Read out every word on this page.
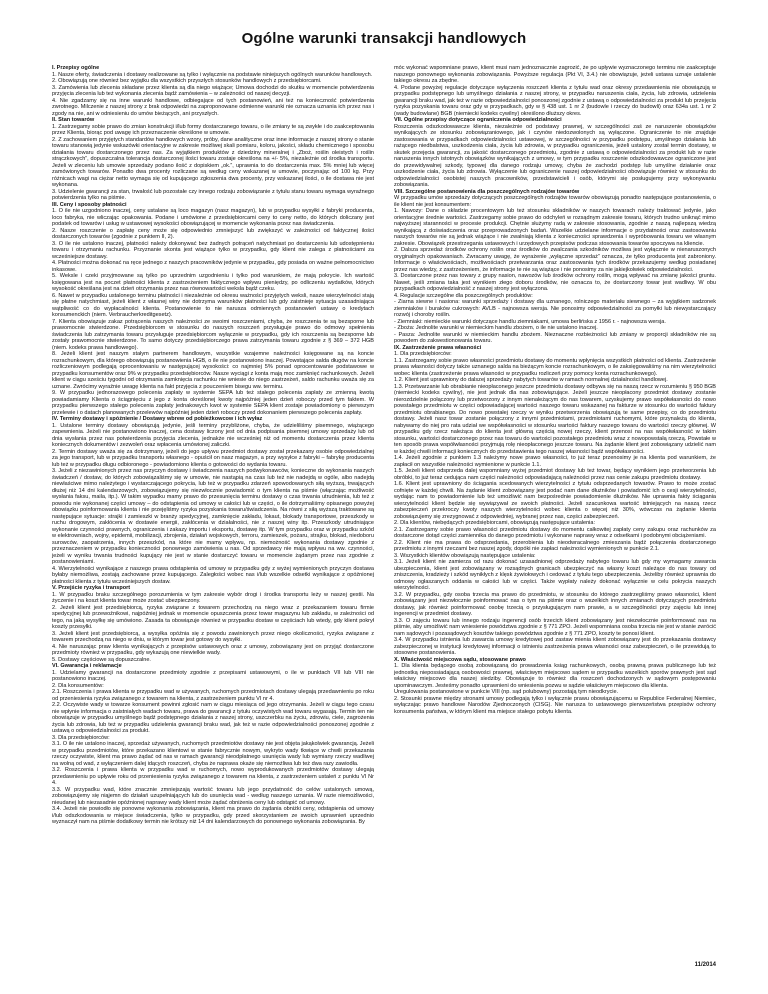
Ogólne warunki transakcji handlowych

I. Przepisy ogólne

1. Nasze oferty, świadczenia i dostawy realizowane są tylko i wyłącznie na podstawie niniejszych ogólnych warunków handlowych.

2. Obowiązują one również bez wyjątku dla wszystkich przyszłych stosunków handlowych z przedsiębiorcami.

3. Zamówienia lub zlecenia składane przez klienta są dla niego wiążące; Umowa dochodzi do skutku w momencie potwierdzenia przyjęcia zlecenia lub też wykonania zlecenia bądź zamówienia – w zależności od naszej decyzji.

4. Nie zgadzamy się na inne warunki handlowe, odbiegające od tych postanowień, ani też na konieczność potwierdzenia zwrotnego. Milczenie z naszej strony z brak odpowiedzi na zaproponowane odmienne warunki nie oznacza uznania ich przez nas i zgody na nie, ani w odniesieniu do umów bieżących, ani przyszłych.

II. Stan towarów

1. Zastrzegamy sobie prawo do zmian konstrukcji i/lub formy dostarczanego towaru, o ile zmiany te są zwykłe i do zaakceptowania przez Klienta, biorąc pod uwagę ich przeznaczenie określone w umowie.

2. Z zachowaniem przyjętych standardów handlowych wzory, próby, dane analityczne oraz inne informacje z naszej strony o stanie towaru stanowią jedynie wskazówki orientacyjne w zakresie możliwej skali pomiaru, koloru, jakości, składu chemicznego i sposobu działania towaru dostarczonego przez nas. Za wyjątkiem produktów z dziedziny mineralnej i „Zboż, roślin oleistych i roślin strączkowych”, dopuszczalna tolerancja dostarczonej ilości towaru zostaje określona na +/- 5%, niezależnie od środka transportu. Jeżeli w zleceniu lub umowie sprzedaży podano ilość z dopiskiem „ok.”, uprawnia to do dostarczenia max. 5% mniej lub więcej zamówionych towarów. Ponadto dwa procenty rozliczane są według ceny wskazanej w umowie, poczynając od 100 kg. Przy różnicach wagi na ciężar netto wymaga się od kupującego zgłoszenia dwa procenty, przy wskazanej ilości, o ile dostawa nie jest wykonana.

3. Udzielenie gwarancji za stan, trwałość lub pozostałe czy innego rodzaju zobowiązanie z tytułu stanu towaru wymaga wyraźnego potwierdzenia tylko na piśmie.

III. Ceny i sposoby płatności

1. O ile nie uzgodniono inaczej, ceny ustalane są loco magazyn (nasz magazyn), lub w przypadku wysyłki z fabryki producenta, loco fabryka, nie wliczając opakowania. Podane i umówione z przedsiębiorcami ceny to ceny netto, do których doliczany jest podatek od towarów i usług w ustawowej wysokości obowiązującej w momencie wykonania przez nas świadczenia.

2. Nasze roszczenie o zapłatę ceny może się odpowiednio zmniejszyć lub zwiększyć w zależności od faktycznej ilości dostarczonych towarów (zgodnie z punktem II, 2).

3. O ile nie ustalono inaczej, płatności należy dokonywać bez żadnych potrąceń natychmiast po dostarczeniu lub udostępnieniu towaru i otrzymaniu rachunku. Przyznanie skonta jest wiążące tylko w przypadku, gdy klient nie zalega z płatnościami za wcześniejsze dostawy.

4. Płatności można dokonać na ręce jednego z naszych pracowników jedynie w przypadku, gdy posiada on ważne pełnomocnictwo inkasowe.

5. Weksle i czeki przyjmowane są tylko po uprzednim uzgodnieniu i tylko pod warunkiem, że mają pokrycie. Ich wartość księgowana jest na poczet płatności klienta z zastrzeżeniem faktycznego wpływu pieniędzy, po odliczeniu wydatków, których wysokość określana jest na dzień otrzymania przez nas równowartości weksla bądź czeku.

6. Nawet w przypadku ustalonego terminu płatności i niezależnie od okresu ważności przyjętych weksli, nasze wierzytelności stają się płatne natychmiast, jeżeli klient z własnej winy nie dotrzyma warunków płatności lub gdy zaistnieje sytuacja uzasadniająca wątpliwość co do wypłacalności klienta. Postanowienie to nie narusza odmiennych postanowień ustawy o kredytach konsumenckich (niem. Verbraucherkreditgesetz).

7. Klienta obowiązuje zakaz potrącenia naszych należności ze swoimi roszczeniami, chyba, że roszczenia te są bezsporne lub prawomocnie stwierdzone. Przedsiębiorcom w stosunku do naszych roszczeń przysługuje prawo do odmowy spełnienia świadczenia lub zatrzymania towaru przysługuje przedsiębiorcom wyłącznie w przypadku, gdy ich roszczenia są bezsporne lub zostały prawomocnie stwierdzone. To samo dotyczy przedsiębiorczego prawa zatrzymania towaru zgodnie z § 369 – 372 HGB (niem. kodeks prawa handlowego).

8. Jeżeli klient jest naszym stałym partnerem handlowym, wszystkie wzajemne należności księgowane są na koncie rozrachunkowym, dla którego obowiązują postanowienia HGB, o ile nie postanowiono inaczej. Powstające salda długów na koncie rozliczeniowym podlegają oprocentowaniu w następującej wysokości: co najmniej 5% ponad oprocentowanie podstawowe w przypadku konsumentów oraz 9% w przypadku przedsiębiorców. Nasze wyciągi z konta mają moc zamknięć rachunkowych. Jeżeli klient w ciągu sześciu tygodni od otrzymania zamknięcia rachunku nie wniesie do niego zastrzeżeń, saldo rachunku uważa się za uznane. Zwrócimy wyraźnie uwagę klienta na fakt przyjęcia z pouczeniem bisegu ww. terminu.

9. W przypadku jednorazowego polecenia zapłaty w systemie SEPA lub też stałego polecenia zapłaty ze zmienną kwotą powiadamiamy Klienta o ściągnięciu z jego z konta określonej kwoty najpóźniej jeden dzień roboczy przed tym faktem. W przypadku pierwszego stałego polecenia zapłaty jednakowych kwot w systemie SEPA klient zostaje powiadomiony o pierwszym przelewie i o datach planowanych przelewów najpóźniej jeden dzień roboczy przed dokonaniem pierwszego polecenia zapłaty.

IV. Terminy dostawy i spóźnienie / Dostawy wbrew od pobieżkowcow i ich wyłaz

1. Ustalone terminy dostawy obowiązują jedynie, jeśli terminy przybliżone, chyba, że udzieliliśmy pisemnego, wiążącego zapewnienia. Jeżeli nie postanowiono inaczej, cena dostawy liczony jest od dnia podpisania pisemnej umowy sprzedaży lub od dnia wysłania przez nas potwierdzenia przyjęcia zlecenia, jednakże nie wcześniej niż od momentu dostarczenia przez klienta koniecznych dokumentów i zezwoleń oraz wpłacenia umówionej zaliczki.

2. Termin dostawy uważa się za dotrzymany, jeżeli do jego upływu przedmiot dostawy został przekazany osobie odpowiedzialnej za jego transport, lub w przypadku transportu własnego - opuścił on nasz magazyn, a przy wysyłce z fabryki – fabrykę producenta lub też w przypadku długu odbioronego - powiadomiono klienta o gotowości do wydania towaru.

3. Jeżeli z niezawinionych przez nas przyczyn dostawy i świadczenia naszych podwykonawców, konieczne do wykonania naszych świadczeń / dostaw, do których zobowiązaliśmy się w umowie, nie nastąpią na czas lub też nie nadejdą w ogóle, albo nadejdą niewłaściwe mimo należytego i wystarczającego pokrycia, lub też w przypadku zdarzeń spowodowanych siłą wyższą, trwających dłużej niż 14 dni kalendarzowych, zobowiązujemy się niezwłocznie powiadomić o tym klienta na piśmie (włączając możliwość wysłania faksu, maila, itp.). W takim wypadku mamy prawo do przesunięcia terminu dostawy o czas trwania utrudnienia, lub też z powodu nie wykonanej części umowy – do odstąpienia od umowy w całości lub w części, o ile dotrzymaliśmy opisanego powyżej obowiązku poinformowania klienta i nie przejęliśmy ryzyka pozyskania towaru/świadczenia. Na równi z siłą wyższą traktowane są następujące sytuacje: strajki i zamieszki w branży spedycyjnej, zamknięcie zakładu, lokaut, blokady transportowe, przeszkody w ruchu drogowym, zakłócenia w dostawie energii, zakłócenia w działalności, nie z naszej winy itp. Przeszkody utrudniające wykonanie czynności prawnych, ograniczenia i zakazy importu i eksportu, dostawę itp. W tym przypadku oraz w przypadku szkód w elektrowniach, wojny, epidemii, mobilizacji, zbrojenia, działań wojskowych, terroru, zamieszek, pożaru, strajku, blokad, niedoboru surowców, zaopatrzenia, innych przeszkód, na które nie mamy wpływu, np. niemożność wykonania dostawy zgodnie z przeznaczeniem w przypadku konieczności ponownego zamówienia u nas. Od sprzedawcy nie mają wpływu na ww. czynności, jeżeli w wyniku trwania trudności kupujący nie jest w stanie dostarczyć towaru w momencie żądanym przez nas zgodnie z postanowieniami.

4. Wierzytelności wynikające z naszego prawa odstąpienia od umowy w przypadku gdy z wyżej wymienionych przyczyn dostawa byłaby niemożliwa, zostają zachowane przez kupującego. Zaległości wobec nas i/lub wszelkie odsetki wynikające z opóźnionej płatności klienta z tytułu wcześniejszych dostaw.

V. Przejście ryzyka i transport

1. W przypadku braku szczególnego porozumienia w tym zakresie wybór drogi i środka transportu leży w naszej gestii. Na życzenie i na koszt klienta towar może zostać ubezpieczony.

2. Jeżeli klient jest przedsiębiorcą, ryzyka związane z towarem przechodzą na niego wraz z przekazaniem towaru firmie spedycyjnej lub przewoźnikowi, najpóźniej jednak w momencie opuszczenia przez towar magazynu lub zakładu, w zależności od tego, na jaką wysyłkę się umówiono. Zasada ta obowiązuje również w przypadku dostaw w częściach lub wtedy, gdy klient pokrył koszty przesyłki.

3. Jeżeli klient jest przedsiębiorcą, a wysyłka opóźnia się z powodu zawinionych przez niego okoliczności, ryzyka związane z towarem przechodzą na niego w dniu, w którym towar jest gotowy do wysyłki.

4. Nie naruszając praw klienta wynikających z przepisów ustawowych oraz z umowy, zobowiązany jest on przyjąć dostarczone przedmioty również w przypadku, gdy wykazują one niewielkie wady.

5. Dostawy częściowe są dopuszczalne.

VI. Gwarancja i reklamacje

1. Udzielamy gwarancji na dostarczone przedmioty zgodnie z przepisami ustawowymi, o ile w punktach VII lub VIII nie postanowiono inaczej.

2. Dla konsumentów:

2.1. Roszczenia i prawa klienta w przypadku wad w używanych, ruchomych przedmiotach dostawy ulegają przedawnieniu po roku od przeniesienia ryzyka związanego z towarem na klienta, z zastrzeżeniem punktu VI nr 4.

2.2. Oczywiste wady w towarze konsument powinni zgłosić nam w ciągu miesiąca od jego otrzymania. Jeżeli w ciągu tego czasu nie wpłynie informacja o zaistniałych wadach towaru, prawa do gwarancji z tytułu oczywistych wad towaru wygasają. Termin ten nie obowiązuje w przypadku umyślnego bądź podstępnego działania z naszej strony, uszczerbku na życiu, zdrowiu, ciele, zagrożenia życia lub zdrowia, lub też w przypadku udzielenia gwarancji braku wad, jak też w razie odpowiedzialności ponoszonej zgodnie z ustawą o odpowiedzialności za produkt.

3. Dla przedsiębiorców:

3.1. O ile nie ustalono inaczej, sprzedaż używanych, ruchomych przedmiotów dostawy nie jest objęta jakąkolwiek gwarancją. Jeżeli w przypadku przedmiotów, które przekazano klientowi w stanie fabrycznie nowym, wykryto wady tkwiące w chwili przekazania rzeczy oczywiste, klient ma prawo żądać od nas w ramach gwarancji nieodpłatnego usunięcia wady lub wymiany rzeczy wadliwej na wolną od wad, z wyłączeniem dalej idących roszczeń, chyba że naprawa okaże się niemożliwa lub też dwa razy zawiodła.

3.2. Roszczenia i prawa klienta w przypadku wad w ruchomych, nowo wyprodukowanych przedmiotów dostawy ulegają przedawnieniu po upływie roku od przeniesienia ryzyka związanego z towarem na klienta, z zastrzeżeniem ustaleń z punktu VI Nr 4.

3.3. W przypadku wad, które znacznie zmniejszają wartość towaru lub jego przydatność do celów ustalonych umową, zobowiązujemy się niąjemn do działań uzupełniających lub do usunięcia wad - według naszego uznania. W razie niemożliwości, nieudanej lub niezasadnie opóźnionej naprawy wady klient może żądać obniżenia ceny lub odstąpić od umowy.

3.4. Jeżeli nie powiodło się ponowne wykonania zobowiązania, klient ma prawo do żądania obniżki ceny, odstąpienia od umowy i/lub odszkodowania w miejsce świadczenia, tylko w przypadku, gdy przed skorzystaniem ze swoich uprawnień uprzednio wyznaczył nam na piśmie dodatkowy termin nie krótszy niż 14 dni kalendarzowych do ponownego wykonania zobowiązania. By

móc wykonać wspomniane prawo, klient musi nam jednoznacznie zagrozić, że po upływie wyznaczonego terminu nie zaakceptuje naszego ponownego wykonania zobowiązania. Powyższe regulacja (Pkt VI, 3.4.) nie obowiązuje, jeżeli ustawa uznaje ustalenie takiego okresu za zbędne.

4. Podane powyżej regulacje dotyczące wyłączenia roszczeń klienta z tytułu wad oraz okresy przedawnienia nie obowiązują w przypadku podstępnego lub umyślnego działania z naszej strony, w przypadku naruszenia ciała, życia, lub zdrowia, udzielenia gwarancji braku wad, jak też w razie odpowiedzialności ponoszonej zgodnie z ustawą o odpowiedzialności za produkt lub przejęcia ryzyka pozyskania towaru oraz gdy w przypadkach, gdy w § 438 ust. 1 nr 2 (budowle i rzeczy do budowli) oraz 634a ust. 1 nr 2 (wady budowlane) BGB (niemiecki kodeks cywilny) określono dłuższy okres.

VII. Ogólne przepisy dotyczące ograniczenia odpowiedzialności

Roszczenia odszkodowawcze klienta, niezależnie od podstawy prawnej, w szczególności zaś ze naruszenie obowiązków wynikających ze stosunku zobowiązaniowego, jak i czynów niedozwolonych są wyłączone. Ograniczenie to nie znajduje zastosowania w przypadkach odpowiedzialności ustawowej, w szczególności w przypadku podstępu, umyślnego działania lub rażącego niedbalstwa, uszkodzenia ciała, życia lub zdrowia, w przypadku ograniczenia, jeżeli ustalony został termin dostawy, w skutek przejęcia gwarancji, za jakość dostarczonego przedmiotu, zgodnie z ustawą o odpowiedzialności za produkt lub w razie naruszenia innych istotnych obowiązków wynikających z umowy, w tym przypadku roszczenie odszkodowawcze ograniczone jest do przewidywalnej szkody, typowej dla danego rodzaju umowy, chyba że zachodzi podstęp lub umyślne działanie oraz uszkodzenie ciała, życia lub zdrowia. Wyłączenie lub ograniczenie naszej odpowiedzialności obowiązuje również w stosunku do odpowiedzialności osobistej naszych pracowników, przedstawicieli i osób, którymi się posługujemy przy wykonywaniu zobowiązania.

VIII. Szczególne postanowienia dla poszczególnych rodzajów towarów

W przypadku umów sprzedaży dotyczących poszczególnych rodzajów towarów obowiązują ponadto następujące postanowienia, o ile klient nie jest konsumentem:

1. Nawozy: Dane o składzie procentowym lub też stosunku składników w naszych towarach należy traktować jedynie, jako orientacyjne średnie wartości. Zastrzegamy sobie prawo do odchyleń w rozsądnym zakresie towaru, których trudno uniknąć mimo najwyższej staranności w procesie produkcji. Chętnie służymy radą w zakresie stosowania, zgodnie z naszą najlepszą wiedzą wynikającą z doświadczenia oraz przeprowadzonych badań. Wszelkie udzielane informacje o przydatności oraz zastosowaniu naszych towarów nie są jednak wiążące i nie zwalniają klienta z konieczności sprawdzenia i wypróbowania towaru we własnym zakresie. Obowiązek przestrzegania ustawowych i urzędowych przepisów podczas stosowania towarów spoczywa na kliencie.

2. Dalsza sprzedaż środków ochrony roślin oraz środków do zwalczania szkodników możliwa jest wyłącznie w nienaruszonych oryginalnych opakowaniach. Zwracamy uwagę, że wyrażenie „wyłączne sprzedaż” oznacza, że tylko producenta jest zabroniony. Informacje o właściwościach, możliwościach przetwarzania oraz zastosowania tych środków przekazujemy według posiadanej przez nas wiedzy, z zastrzeżeniem, że informacje te nie są wiążące i nie ponosimy za nie jakiejkolwiek odpowiedzialności.

3. Dostarczone przez nas towary z grupy nasion, nawozów lub środków ochrony roślin, mogą wpływać na zmianę jakości gruntu. Nawet, jeśli zmiana taka jest wynikiem złego doboru środków, nie oznacza to, że dostarczony towar jest wadliwy. W obu przypadkach odpowiedzialność z naszej strony jest wyłączona.

4. Regulacje szczególne dla poszczególnych produktów:

- Ziarna siewne i nasiona: warunki sprzedaży i dostawy dla uznanego, rolniczego materiału siewnego – za wyjątkiem sadzonek ziemniaków i buraków cukrowych: AVLB - najnowsza wersja. Nie ponosimy odpowiedzialności za pomyłki lub niewystarczający rozwój i choroby roślin.

- Ziemniaki: niemieckie warunki dotyczące handlu ziemniakami, umowa berlińska z 1956 r. - najnowsza wersja.

- Zboża: Jednolite warunki w niemieckim handlu zbożem, o ile nie ustalono inaczej.

- Pasza: Jednolite warunki w niemieckim handlu zbożem. Nieznaczne rozbieżności lub zmiany w proporcji składników nie są powodem do zakwestionowania towaru.

IX. Zastrzeżenie prawa własności

1. Dla przedsiębiorców:

1.1. Zastrzegamy sobie prawo własności przedmiotu dostawy do momentu wpłynięcia wszystkich płatności od klienta. Zastrzeżenie prawa własności dotyczy także uznanego salda na bieżącym koncie rozrachunkowym, o ile zaksięgowaliśmy na nim wierzytelności wobec klienta (zastrzeżenie prawa własności w przypadku rozliczeń przy pomocy konta rozrachunkowego).

1.2. Klient jest uprawniony do dalszej sprzedaży nabytych towarów w ramach normalnej działalności handlowej.

1.3. Przetwarzanie lub obrabianie nieopłaconego jeszcze przedmiotu dostawy odbywa się na naszą rzecz w rozumieniu § 950 BGB (niemiecki kodeks cywilny), nie jest jednak dla nas zobowiązujące. Jeżeli jeszcze nieopłacony przedmiot dostawy zostanie nierozdzielnie połączony lub przetworzony z innym nienależącym do nas towarem, uzyskujemy prawo współwłasności do nowo powstałego przedmiotu w części odpowiadającej wartości naszego towaru wskazanej na fakturze w stosunku do wartości faktury przedmiotu obrabianego. Do nowo powstałej rzeczy w wyniku przetworzenia obowiązują te same przepisy, co do przedmiotu dostawy. Jeżeli nasz towar zostanie połączony z innymi przedmiotami, przedmiotami ruchomymi, które przynależą do klienta, nabywamy do niej pro rata udział we współwłasności w stosunku wartości faktury naszego towaru do wartości rzeczy głównej. W przypadku gdy rzecz należąca do klienta jest główną częścią nowej rzeczy, klient przenosi na nas współwłasność w takim stosunku, wartości dostarczonego przez nas towaru do wartości pozostałego przedmiotu wraz z nowopowstałą rzeczą. Powstałe w ten sposób prawa współwłasności przyjmują rolę nieopłaconego jeszcze towaru. Na żądanie klient jest zobowiązany udzielić nam w każdej chwili informacji koniecznych do przedstawienia tego naszej własności bądź współwłasności.

1.4. Jeżeli zgodnie z punktem 1.3 należymy nowe prawo własności, to już teraz przenosimy je na klienta pod warunkiem, że zapłacił on wszystkie należności wymienione w punkcie 1.1.

1.5. Jeżeli klient odsprzeda dalej wspomniany wyżej przedmiot dostawy lub też towar, będący wynikiem jego przetworzenia lub obróbki, to już teraz cedująca nam części należności odpowiadającą należności przez nas cenie zakupu przedmiotu dostawy.

1.6. Klient jest uprawniony do ściągania scedowanych wierzytelności z tytułu odsprzedanych towarów. Prawo to może zostać cofnięte w każdej chwili. Na żądanie klient zobowiązany jest podać nam dane dłużników i powiadomić ich o cesji wierzytelności, wydając nam to powiadomienie lub też umożliwić nam bezpośrednie powiadomienie dłużników. Nie uprawnia fakty ściągania wierzytelności klient będzie się wywiązywał ze swoich płatności. Jeżeli szacunkowa wartość istniejących na naszą rzecz zabezpieczeń przekroczy kwoty naszych wierzytelności wobec klienta o więcej niż 30%, wówczas na żądanie klienta zobowiązujemy się zrezygnować z odpowiedniej, wybranej przez nas, części zabezpieczeń.

2. Dla klientów, niebędących przedsiębiorcami, obowiązują następujące ustalenia:

2.1. Zastrzegamy sobie prawo własności przedmiotu dostawy do momentu całkowitej zapłaty ceny zakupu oraz rachunków za dostarczone dotąd części zamiennika do danego przedmiotu i wykonane naprawy wraz z odsetkami i podobnymi obciążeniami.

2.2. Klient nie ma prawa do odsprzedania, przerobienia lub nieodwracalnego zmieszania bądź połączenia dostarczonego przedmiotu z innymi rzeczami bez naszej zgody, dopóki nie zapłaci należności wymienionych w punkcie 2.1.

3. Wszystkich klientów obowiązują następujące ustalenia:

3.1. Jeżeli klient nie zamierza od razu dokonać uzasadnionej odprzedaży nabytego towaru lub gdy my wymagamy zawarcia ubezpieczenia, klient jest zobowiązany w rozsądnych granicach ubezpieczyć na własny koszt należące do nas towary od zniszczenia, kradzieży i szkód wynikłych z klęsk żywiołowych i cedować z tytułu tego ubezpieczenia. Jeżeliby również uprawnia do odmowy ogłaszanych oddania w całości lub w części. Także wypłaty należy dokonać wyłącznie w celu pokrycia naszych wierzytelności.

3.2. W przypadku, gdy osoba trzecia ma prawo do przedmiotu, w stosunku do którego zastrzegliśmy prawo własności, klient zobowiązany jest niezwłocznie poinformować nas o tym na piśmie oraz o wszelkich innych zmianach dotyczących przedmiotu dostawy, jak również poinformować osobę trzecią o przysługującym nam prawie, a w szczególności przy zajęciu lub innej ingerencji w przedmiot dostawy.

3.3. O zajęciu towaru lub innego rodzaju ingerencji osób trzecich klient zobowiązany jest niezwłocznie poinformować nas na piśmie, aby umożliwić nam wniesienie powództwa zgodnie z § 771 ZPO. Jeżeli wspomniana osoba trzecia nie jest w stanie zwrócić nam sądowych i pozasądowych kosztów takiego powództwa zgodnie z § 771 ZPO, koszty te ponosi klient.

3.4. W przypadku istnienia lub zawarcia umowy kredytowej pod zastaw mienia klient zobowiązany jest do przekazania dostawcy zabezpieczonej w instytucji kredytowej informacji o istnieniu zastrzeżenia prawa własności oraz zabezpieczeń, o ile przewidują to stosowne postanowienia.

X. Właściwość miejscowa sądu, stosowane prawo

1. Dla klienta będącego osobą zobowiązaną do prowadzenia ksiąg rachunkowych, osobą prawną prawa publicznego lub też jednostką niepossiadającą osobowości prawnej, właściwym miejscowo sądem w przypadku wszelkich sporów prawnych jest sąd właściwy miejscowo dla naszej siedziby. Obowiązuje to również dla roszczeń dochodzonych w sądowym postępowaniu upominawczym. Jesteśmy ponadto uprawnieni do wniesienia pozwu w sądzie właściwym miejscowo dla klienta.

Uregulowania postanowione w punkcie VIII (np. sąd polubowny) pozostają tym nieodkrycie.

2. Stosunki prawne między stronami umowy podlegają tylko i wyłącznie prawu obowiązującemu w Republice Federalnej Niemiec, wyłączając prawo handlowe Narodów Zjednoczonych (CISG). Nie narusza to ustawowego pierwszeństwa przepisów ochrony konsumenta państwa, w którym klient ma miejsce stałego pobytu klienta.

11/2014
